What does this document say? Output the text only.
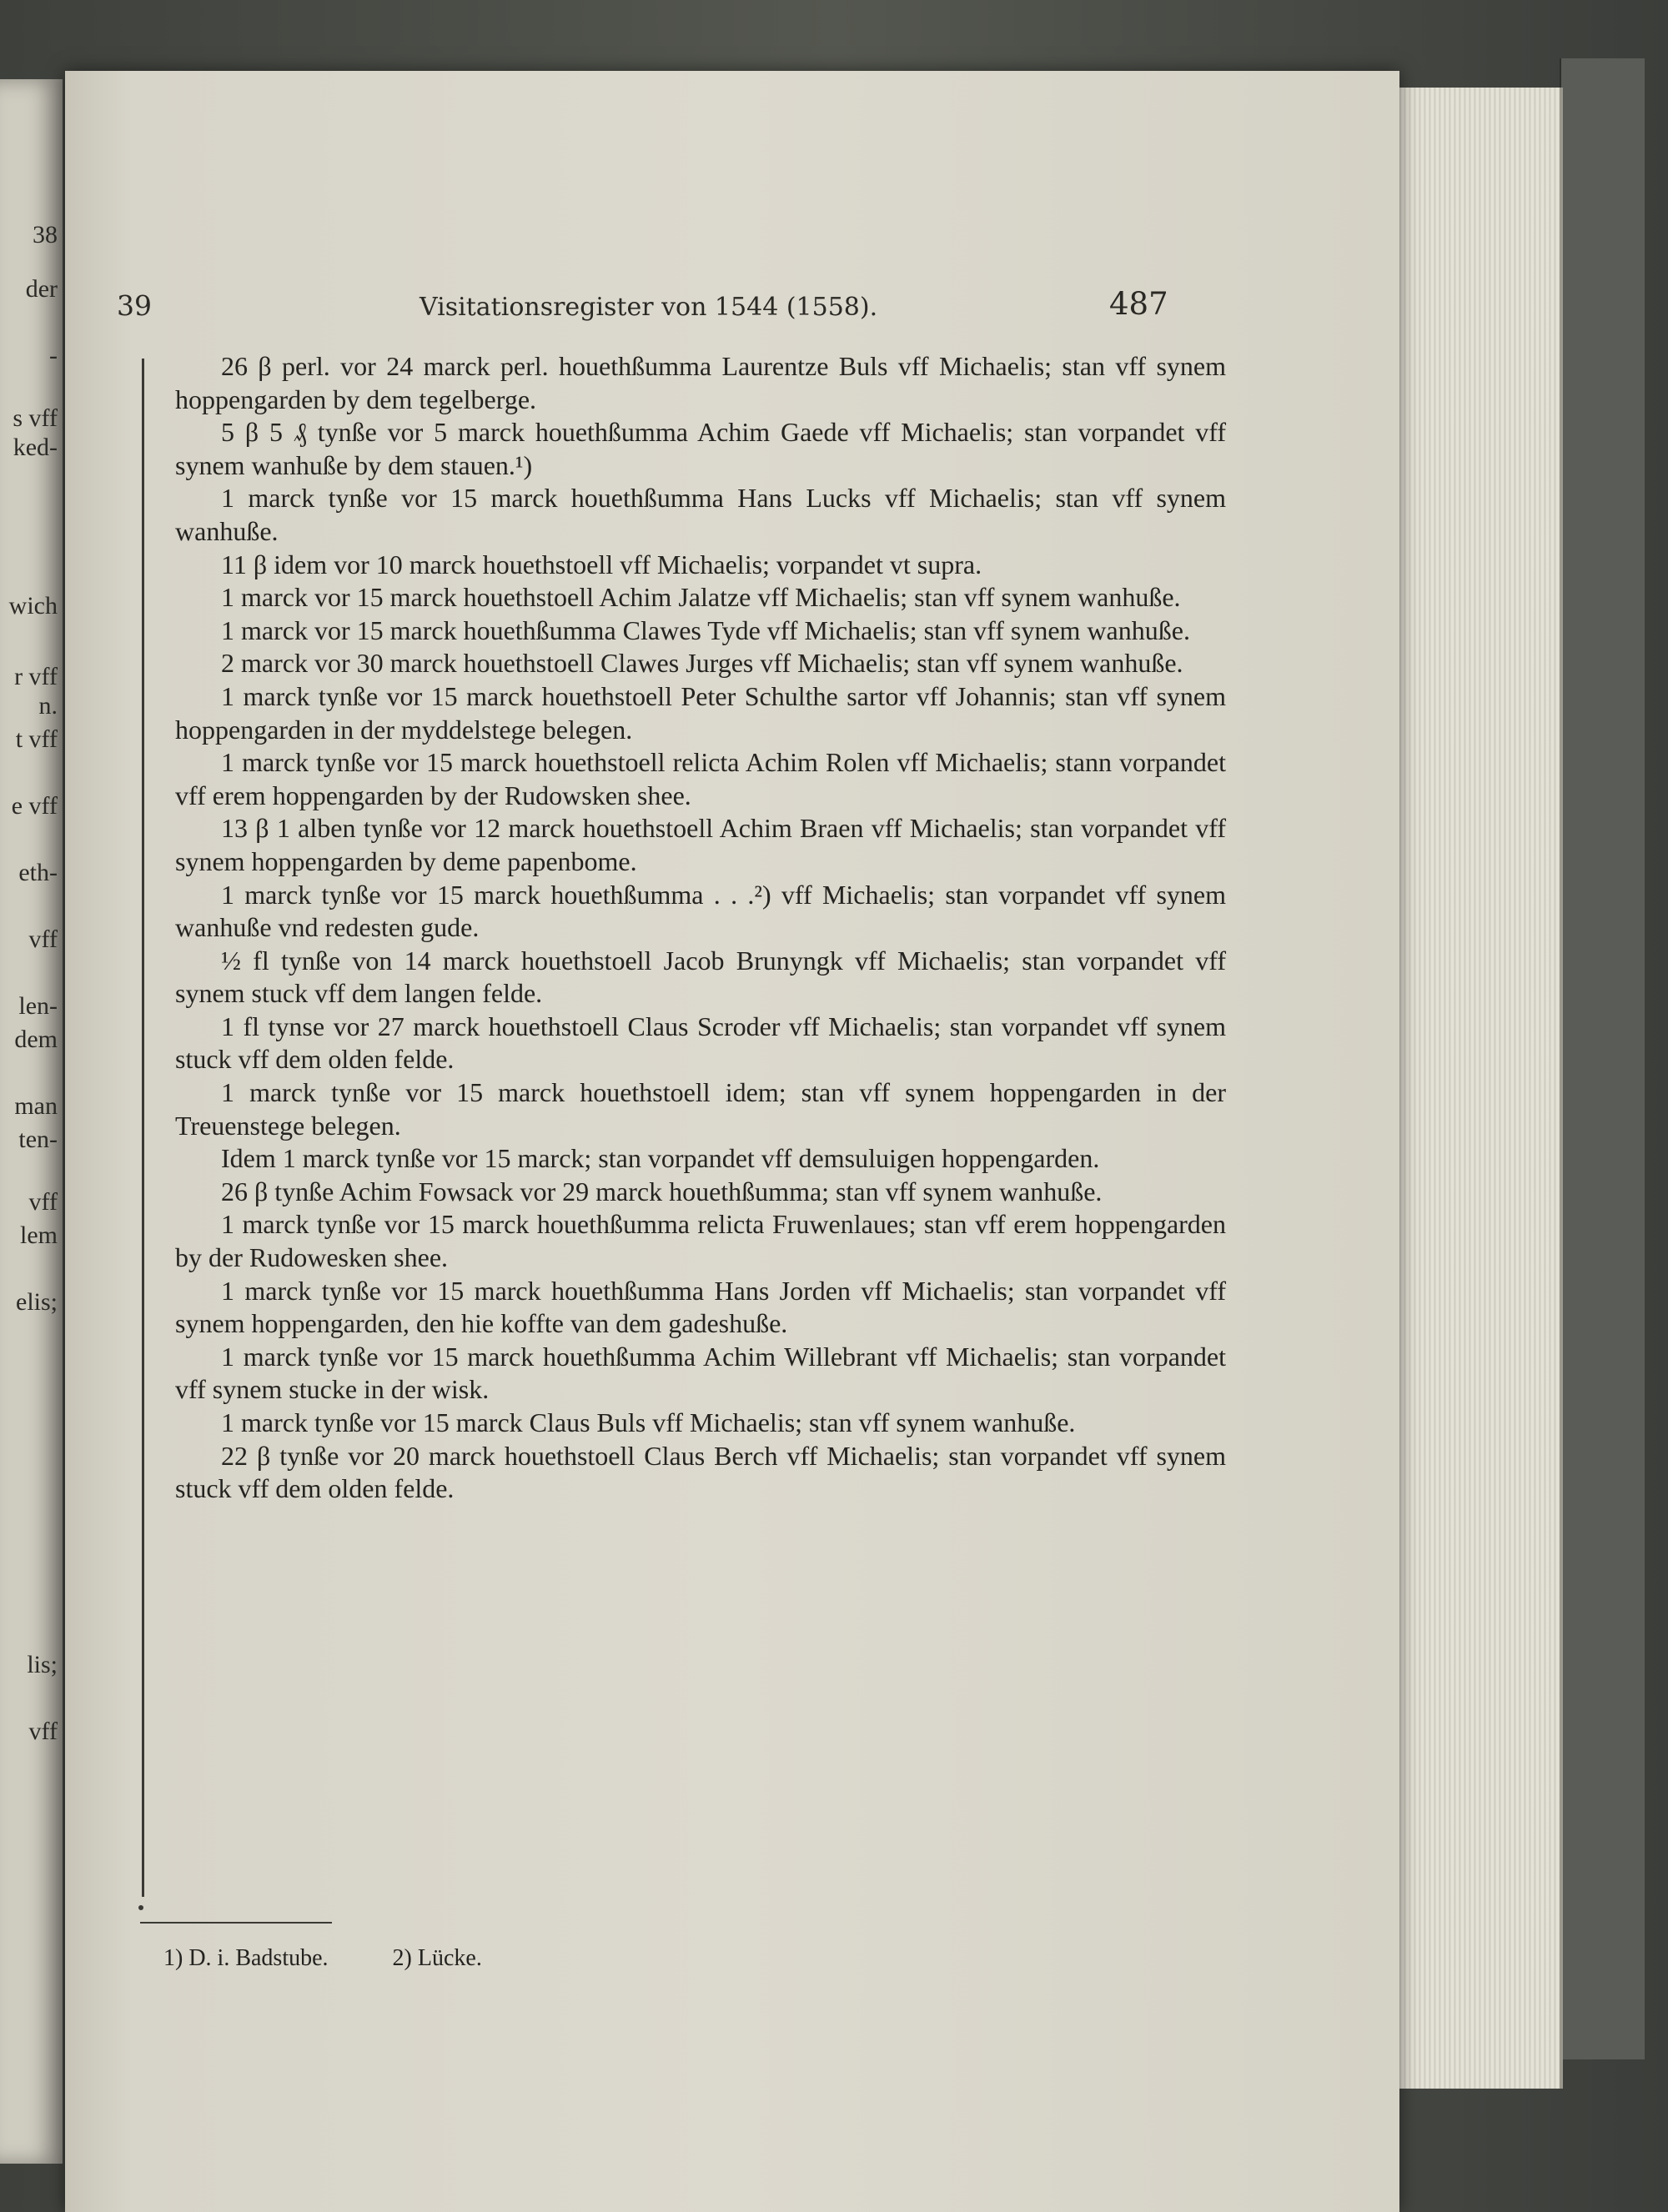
38
der
-
s vff
ked-
wich
r vff
n.
t vff
e vff
eth-
vff
len-
dem
man
ten-
vff
lem
elis;
lis;
vff
39	Visitationsregister von 1544 (1558).	487

26 β perl. vor 24 marck perl. houethßumma Laurentze Buls vff Michaelis; stan vff synem hoppengarden by dem tegelberge.

5 β 5 ₰ tynße vor 5 marck houethßumma Achim Gaede vff Michaelis; stan vorpandet vff synem wanhuße by dem stauen.¹)

1 marck tynße vor 15 marck houethßumma Hans Lucks vff Michaelis; stan vff synem wanhuße.

11 β idem vor 10 marck houethstoell vff Michaelis; vorpandet vt supra.

1 marck vor 15 marck houethstoell Achim Jalatze vff Michaelis; stan vff synem wanhuße.

1 marck vor 15 marck houethßumma Clawes Tyde vff Michaelis; stan vff synem wanhuße.

2 marck vor 30 marck houethstoell Clawes Jurges vff Michaelis; stan vff synem wanhuße.

1 marck tynße vor 15 marck houethstoell Peter Schulthe sartor vff Johannis; stan vff synem hoppengarden in der myddelstege belegen.

1 marck tynße vor 15 marck houethstoell relicta Achim Rolen vff Michaelis; stann vorpandet vff erem hoppengarden by der Rudowsken shee.

13 β 1 alben tynße vor 12 marck houethstoell Achim Braen vff Michaelis; stan vorpandet vff synem hoppengarden by deme papenbome.

1 marck tynße vor 15 marck houethßumma . . .²) vff Michaelis; stan vorpandet vff synem wanhuße vnd redesten gude.

½ fl tynße von 14 marck houethstoell Jacob Brunyngk vff Michaelis; stan vorpandet vff synem stuck vff dem langen felde.

1 fl tynse vor 27 marck houethstoell Claus Scroder vff Michaelis; stan vorpandet vff synem stuck vff dem olden felde.

1 marck tynße vor 15 marck houethstoell idem; stan vff synem hoppengarden in der Treuenstege belegen.

Idem 1 marck tynße vor 15 marck; stan vorpandet vff demsuluigen hoppengarden.

26 β tynße Achim Fowsack vor 29 marck houethßumma; stan vff synem wanhuße.

1 marck tynße vor 15 marck houethßumma relicta Fruwenlaues; stan vff erem hoppengarden by der Rudowesken shee.

1 marck tynße vor 15 marck houethßumma Hans Jorden vff Michaelis; stan vorpandet vff synem hoppengarden, den hie koffte van dem gadeshuße.

1 marck tynße vor 15 marck houethßumma Achim Willebrant vff Michaelis; stan vorpandet vff synem stucke in der wisk.

1 marck tynße vor 15 marck Claus Buls vff Michaelis; stan vff synem wanhuße.

22 β tynße vor 20 marck houethstoell Claus Berch vff Michaelis; stan vorpandet vff synem stuck vff dem olden felde.

1) D. i. Badstube.	2) Lücke.
